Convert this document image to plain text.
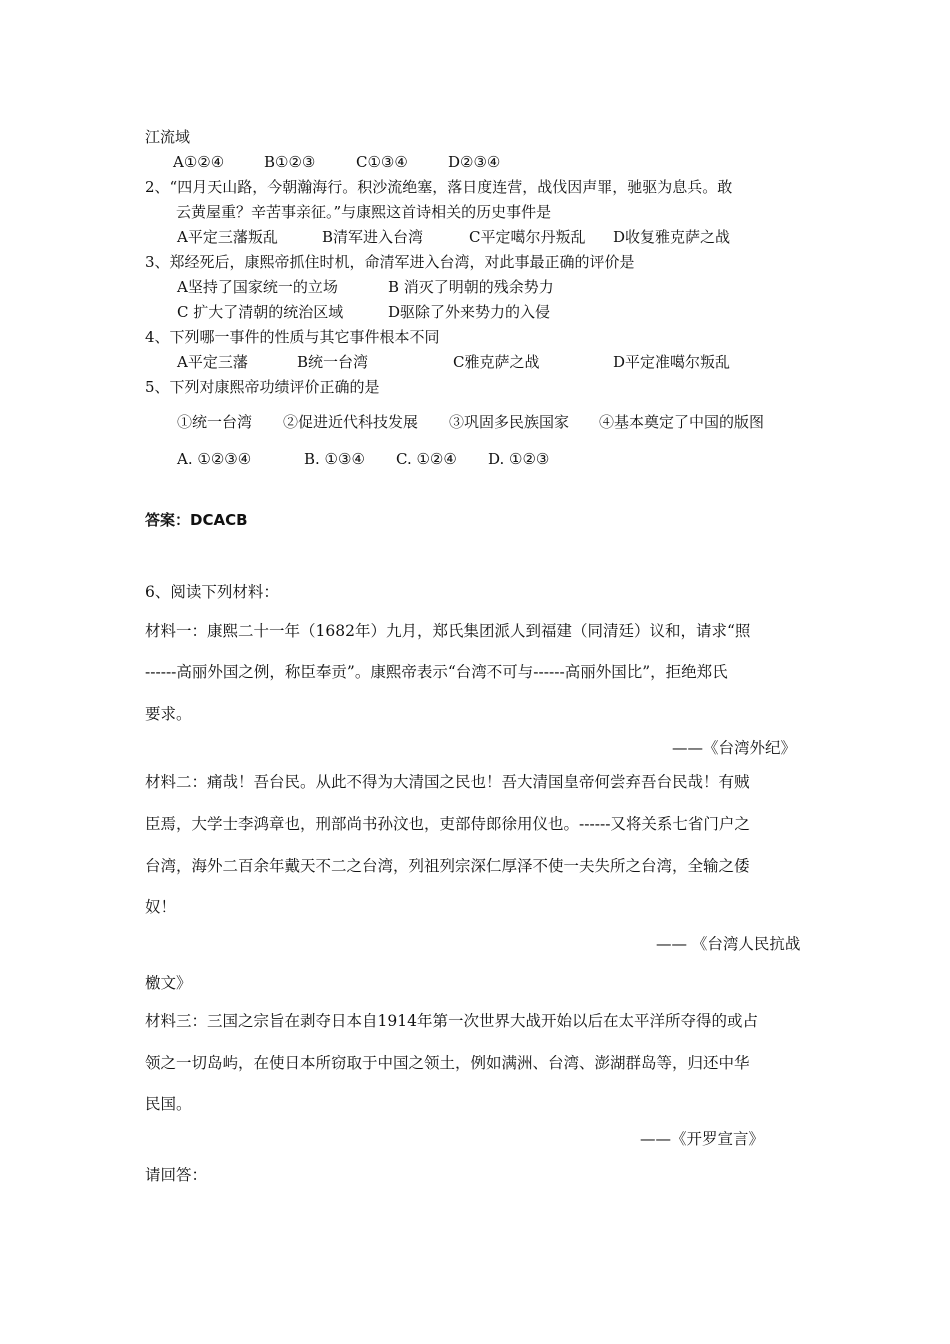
江流域
A①②④	B①②③	C①③④	D②③④
2、“四月天山路，今朝瀚海行。积沙流绝塞，落日度连营，战伐因声罪，驰驱为息兵。敢
云黄屋重？辛苦事亲征。”与康熙这首诗相关的历史事件是
A平定三藩叛乱	B清军进入台湾	C平定噶尔丹叛乱 D收复雅克萨之战
3、郑经死后，康熙帝抓住时机，命清军进入台湾，对此事最正确的评价是
A坚持了国家统一的立场	B 消灭了明朝的残余势力
C 扩大了清朝的统治区域	D驱除了外来势力的入侵
4、下列哪一事件的性质与其它事件根本不同
A平定三藩	B统一台湾	C雅克萨之战	D平定准噶尔叛乱
5、下列对康熙帝功绩评价正确的是
①统一台湾 ②促进近代科技发展 ③巩固多民族国家 ④基本奠定了中国的版图
A. ①②③④	B. ①③④ C. ①②④ D. ①②③
答案：DCACB
6、阅读下列材料：
材料一：康熙二十一年（1682年）九月，郑氏集团派人到福建（同清廷）议和，请求“照
------高丽外国之例，称臣奉贡”。康熙帝表示“台湾不可与------高丽外国比”，拒绝郑氏
要求。
——《台湾外纪》
材料二：痛哉！吾台民。从此不得为大清国之民也！吾大清国皇帝何尝弃吾台民哉！有贼
臣焉，大学士李鸿章也，刑部尚书孙汶也，吏部侍郎徐用仪也。------又将关系七省门户之
台湾，海外二百余年戴天不二之台湾，列祖列宗深仁厚泽不使一夫失所之台湾，全输之倭
奴！
—— 《台湾人民抗战
檄文》
材料三：三国之宗旨在剥夺日本自1914年第一次世界大战开始以后在太平洋所夺得的或占
领之一切岛屿，在使日本所窃取于中国之领土，例如满洲、台湾、澎湖群岛等，归还中华
民国。
——《开罗宣言》
请回答：
